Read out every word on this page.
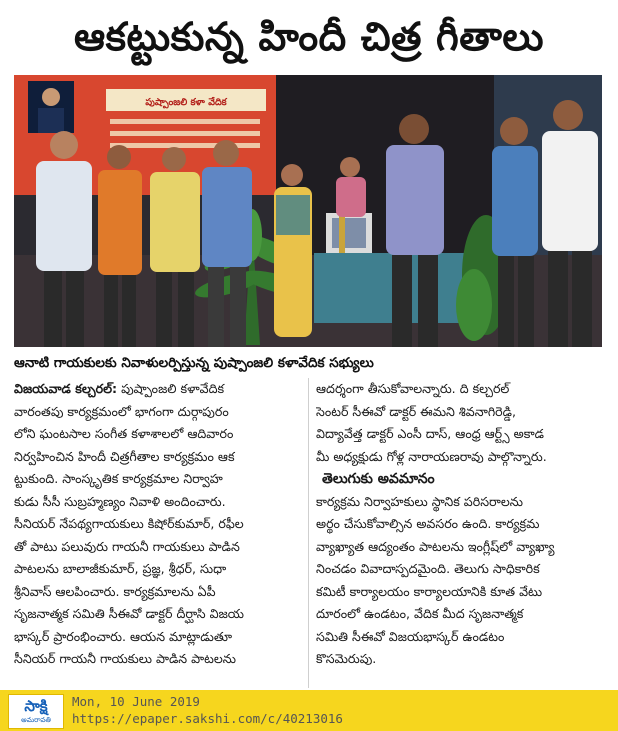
ఆకట్టుకున్న హిందీ చిత్ర గీతాలు
పుష్పాంజలి కళా వేదిక
ఆనాటి గాయకులకు నివాళులర్పిస్తున్న పుష్పాంజలి కళావేదిక సభ్యులు
విజయవాడ కల్చరల్‌: పుష్పాంజలి కళావేదిక
వారంతపు కార్యక్రమంలో భాగంగా దుర్గాపురం
లోని ఘంటసాల సంగీత కళాశాలలో ఆదివారం
నిర్వహించిన హిందీ చిత్రగీతాల కార్యక్రమం ఆక
ట్టుకుంది. సాంస్కృతిక కార్యక్రమాల నిర్వాహ
కుడు సీసీ సుబ్రహ్మణ్యం నివాళి అందించారు.
సీనియర్‌ నేపథ్యగాయకులు కిషోర్‌కుమార్‌, రఫీల
తో పాటు పలువురు గాయనీ గాయకులు పాడిన
పాటలను బాలాజీకుమార్‌, ప్రజ్ఞ, శ్రీధర్‌, సుధా
శ్రీనివాస్‌ ఆలపించారు. కార్యక్రమాలను ఏపీ
సృజనాత్మక సమితి సీఈవో డాక్టర్‌ దీర్ఘాసి విజయ
భాస్కర్‌ ప్రారంభించారు. ఆయన మాట్లాడుతూ
సీనియర్‌ గాయనీ గాయకులు పాడిన పాటలను
ఆదర్శంగా తీసుకోవాలన్నారు. ది కల్చరల్‌
సెంటర్‌ సీఈవో డాక్టర్‌ ఈమని శివనాగిరెడ్డి,
విద్యావేత్త డాక్టర్‌ ఎంసీ దాస్‌, ఆంధ్ర ఆర్ట్స్‌ అకాడ
మీ అధ్యక్షుడు గోళ్ల నారాయణరావు పాల్గొన్నారు.
తెలుగుకు అవమానం
కార్యక్రమ నిర్వాహకులు స్థానిక పరిసరాలను
అర్థం చేసుకోవాల్సిన అవసరం ఉంది. కార్యక్రమ
వ్యాఖ్యాత ఆద్యంతం పాటలను ఇంగ్లీష్‌లో వ్యాఖ్యా
నించడం వివాదాస్పదమైంది. తెలుగు సాధికారిక
కమిటీ కార్యాలయం కార్యాలయానికి కూత వేటు
దూరంలో ఉండటం, వేదిక మీద సృజనాత్మక
సమితి సీఈవో విజయభాస్కర్‌ ఉండటం
కొసమెరుపు.
సాక్షి
అమరావతి
Mon, 10 June 2019
https://epaper.sakshi.com/c/40213016
